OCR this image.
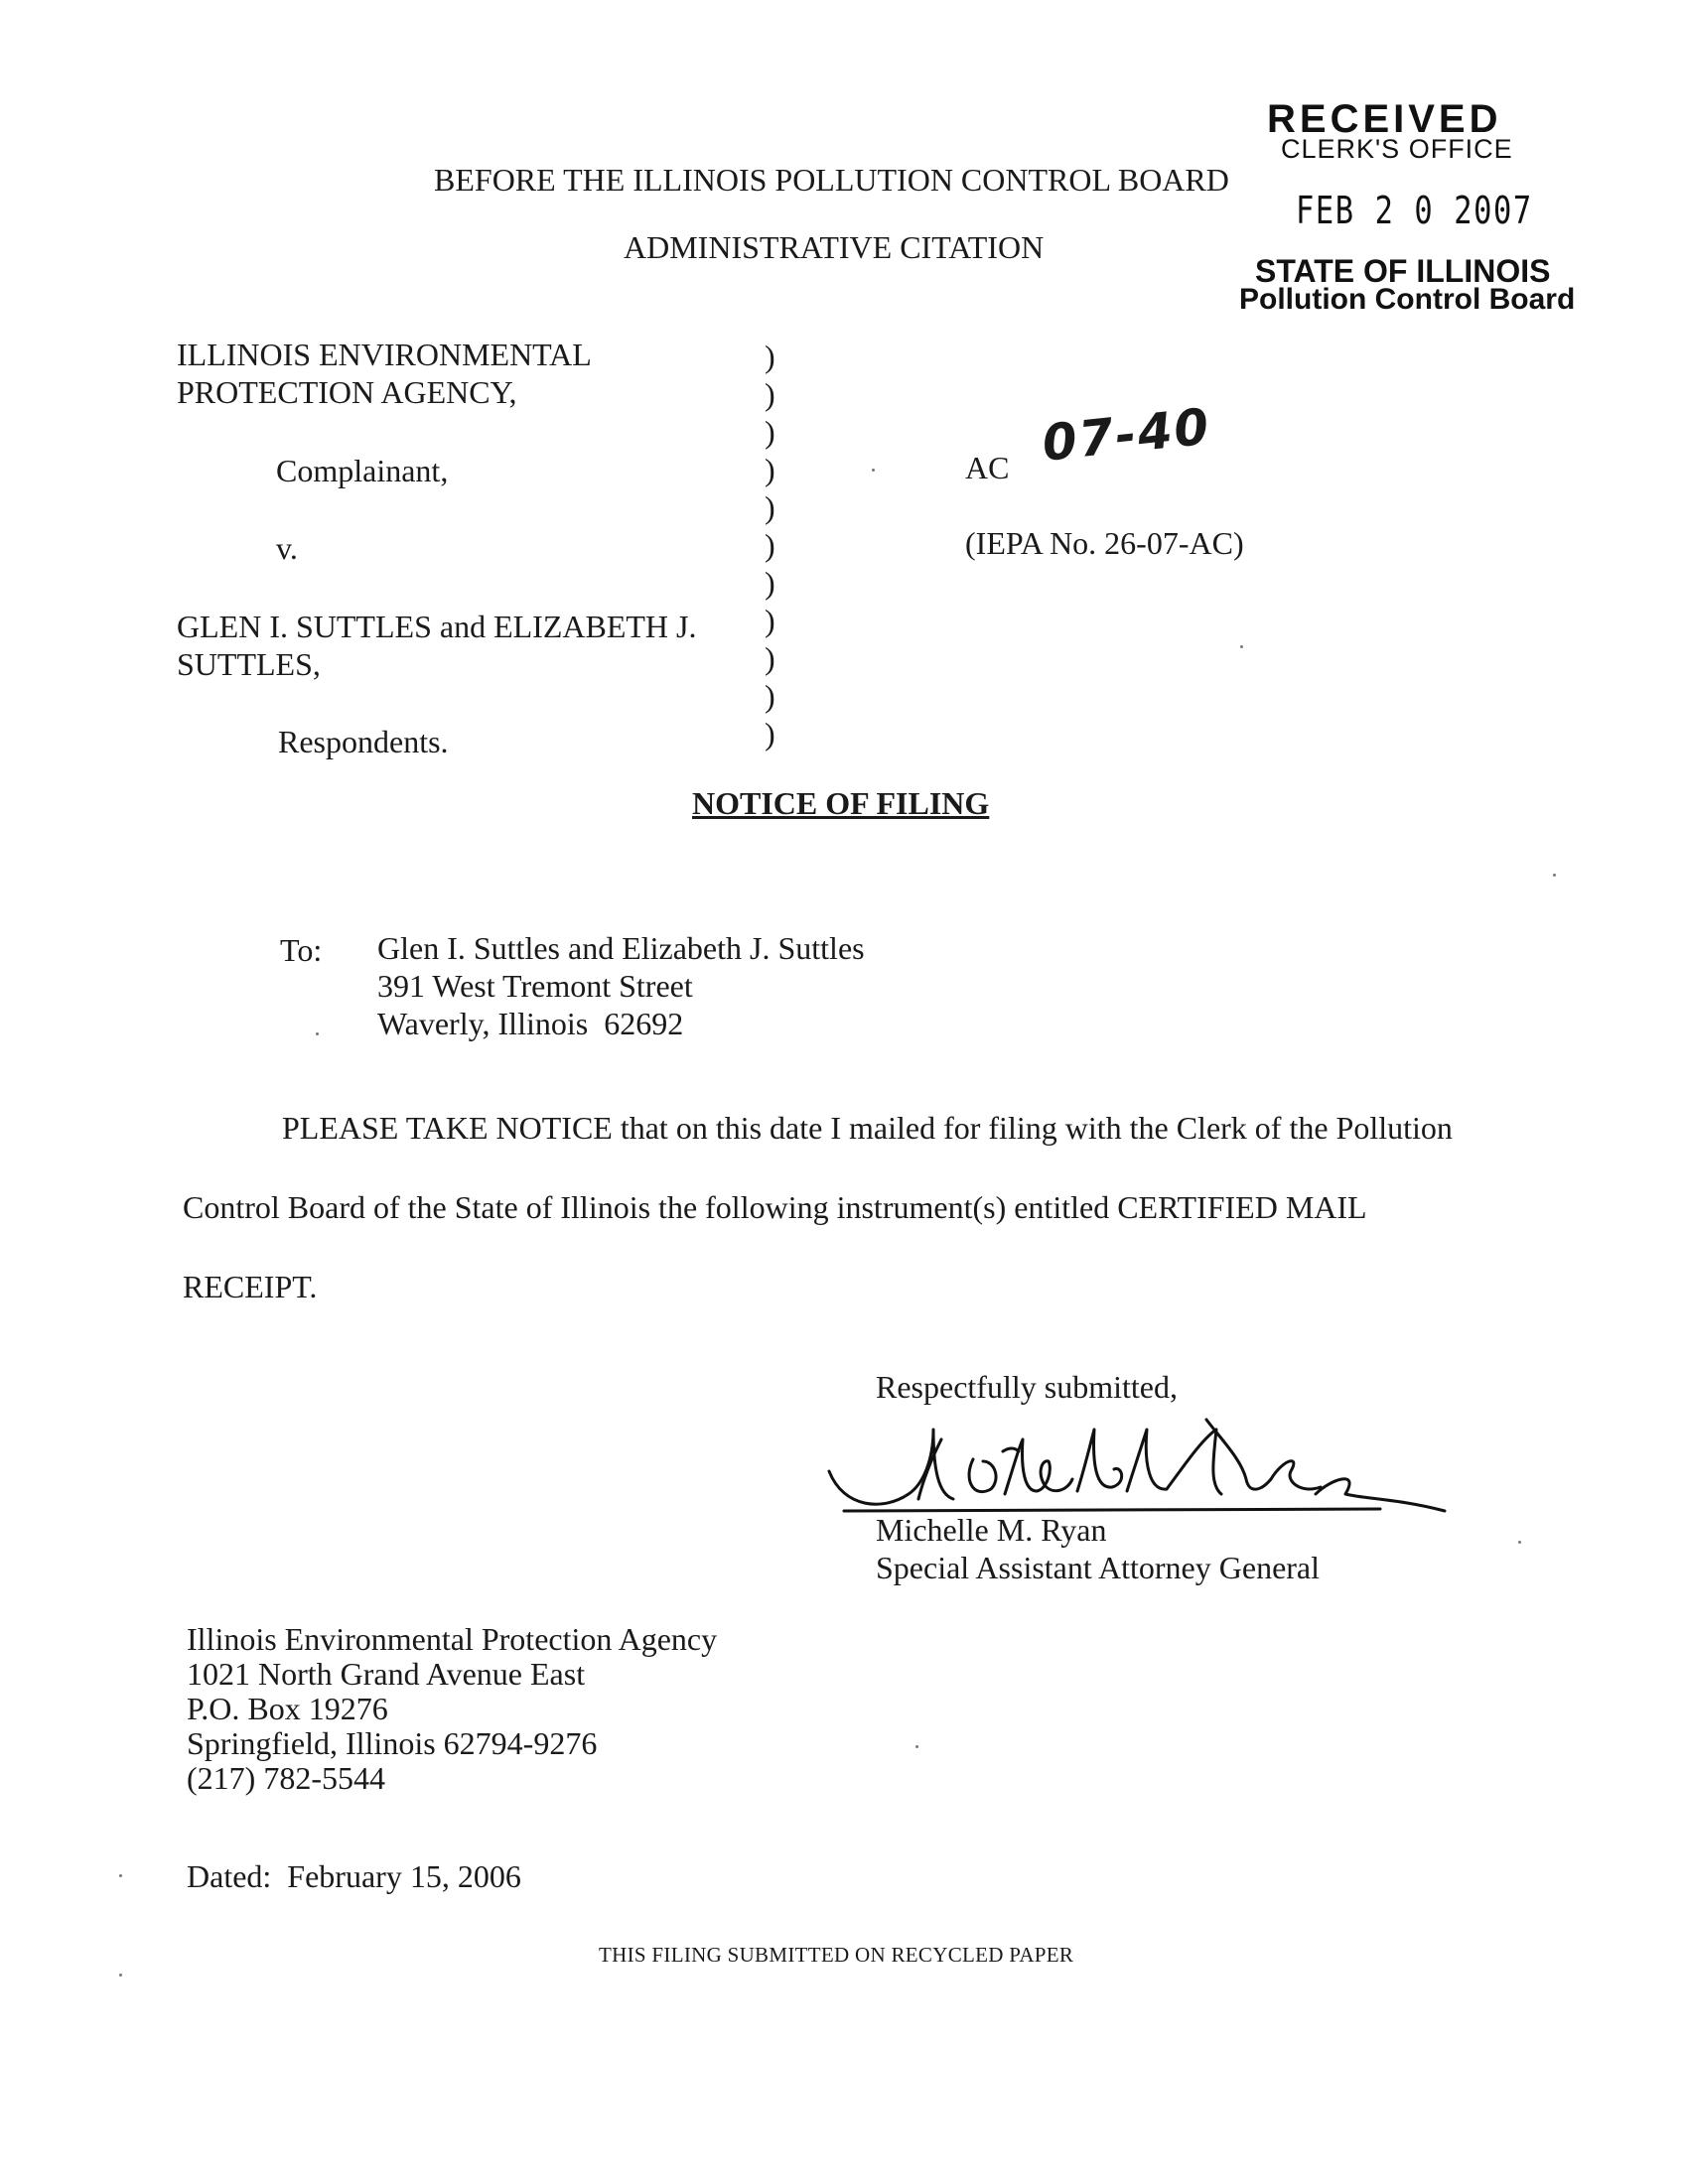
RECEIVED
CLERK'S OFFICE
FEB 2 0 2007
STATE OF ILLINOIS
Pollution Control Board
BEFORE THE ILLINOIS POLLUTION CONTROL BOARD
ADMINISTRATIVE CITATION
ILLINOIS ENVIRONMENTAL
PROTECTION AGENCY,
Complainant,
v.
GLEN I. SUTTLES and ELIZABETH J.
SUTTLES,
Respondents.
)
)
)
)
)
)
)
)
)
)
)
AC 07-40
(IEPA No. 26-07-AC)
NOTICE OF FILING
To: Glen I. Suttles and Elizabeth J. Suttles
391 West Tremont Street
Waverly, Illinois  62692
PLEASE TAKE NOTICE that on this date I mailed for filing with the Clerk of the Pollution
Control Board of the State of Illinois the following instrument(s) entitled CERTIFIED MAIL
RECEIPT.
Respectfully submitted,
Michelle M. Ryan
Special Assistant Attorney General
Illinois Environmental Protection Agency
1021 North Grand Avenue East
P.O. Box 19276
Springfield, Illinois 62794-9276
(217) 782-5544
Dated:  February 15, 2006
THIS FILING SUBMITTED ON RECYCLED PAPER
